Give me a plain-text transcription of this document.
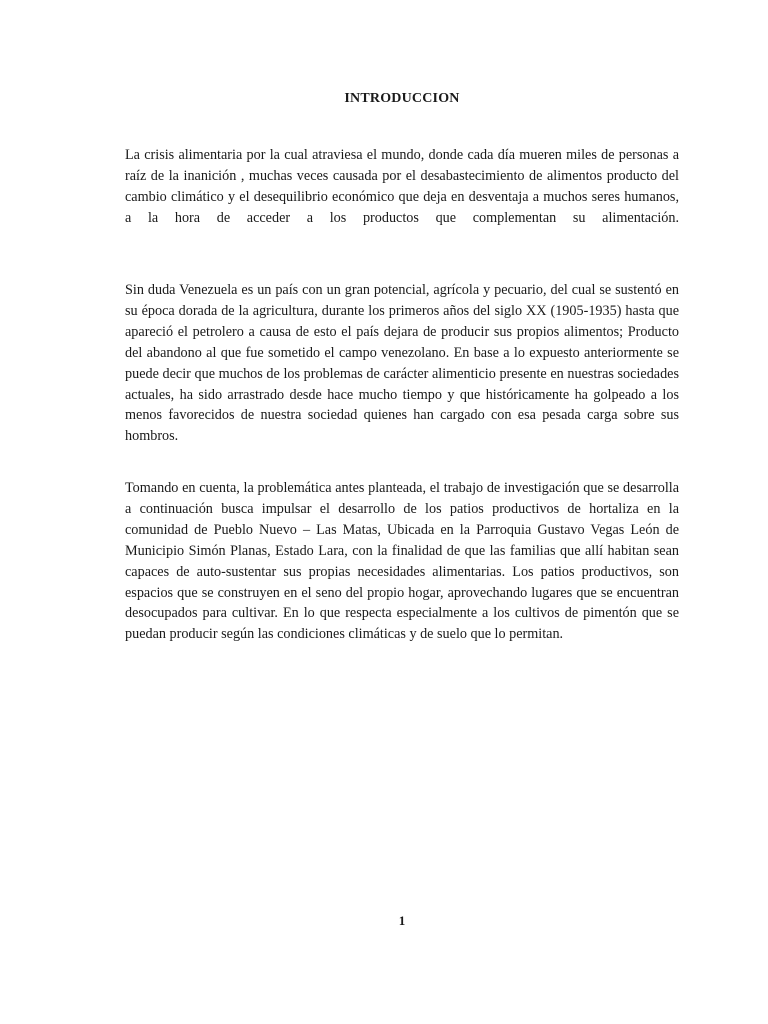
INTRODUCCION

La crisis alimentaria por la cual atraviesa el mundo, donde cada día mueren miles de personas a raíz de la inanición , muchas veces causada por el desabastecimiento de alimentos producto del cambio climático y el desequilibrio económico que deja en desventaja a muchos seres humanos, a la hora de acceder a los productos que complementan su alimentación.

Sin duda Venezuela es un país con un gran potencial, agrícola y pecuario, del cual se sustentó en su época dorada de la agricultura, durante los primeros años del siglo XX (1905-1935) hasta que apareció el petrolero a causa de esto el país dejara de producir sus propios alimentos; Producto del abandono al que fue sometido el campo venezolano. En base a lo expuesto anteriormente se puede decir que muchos de los problemas de carácter alimenticio presente en nuestras sociedades actuales, ha sido arrastrado desde hace mucho tiempo y que históricamente ha golpeado a los menos favorecidos de nuestra sociedad quienes han cargado con esa pesada carga sobre sus hombros.

Tomando en cuenta, la problemática antes planteada, el trabajo de investigación que se desarrolla a continuación busca impulsar el desarrollo de los patios productivos de hortaliza en la comunidad de Pueblo Nuevo – Las Matas, Ubicada en la Parroquia Gustavo Vegas León de Municipio Simón Planas, Estado Lara, con la finalidad de que las familias que allí habitan sean capaces de auto-sustentar sus propias necesidades alimentarias. Los patios productivos, son espacios que se construyen en el seno del propio hogar, aprovechando lugares que se encuentran desocupados para cultivar. En lo que respecta especialmente a los cultivos de pimentón que se puedan producir según las condiciones climáticas y de suelo que lo permitan.

1
